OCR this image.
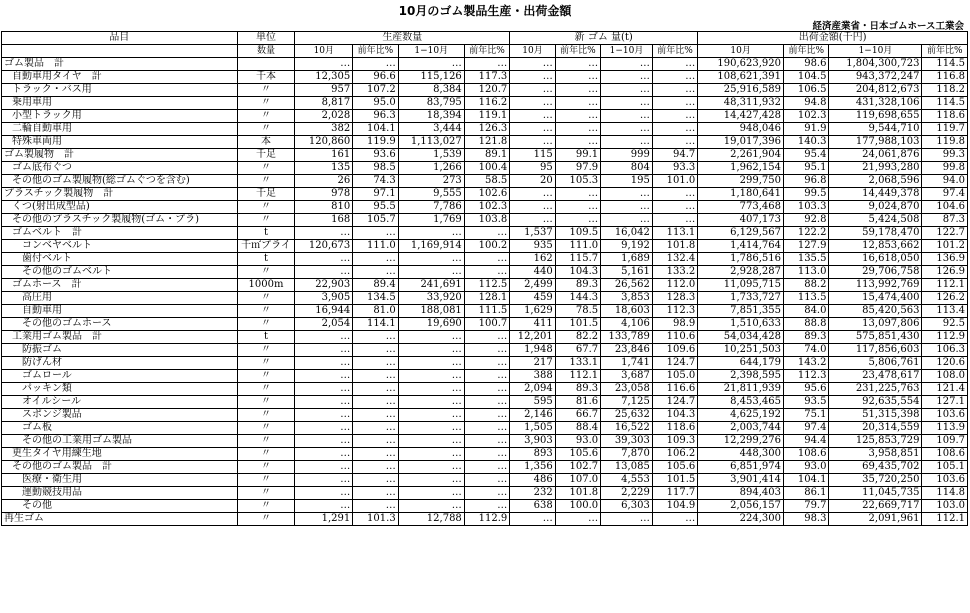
10月のゴム製品生産・出荷金額
経済産業省・日本ゴムホース工業会
品目	単位	生産数量				新 ゴム 量(t)				出荷金額(千円)			
	数量	10月	前年比%	1−10月	前年比%	10月	前年比%	1−10月	前年比%	10月	前年比%	1−10月	前年比%
ゴム製品　計		…	…	…	…	…	…	…	…	190,623,920	98.6	1,804,300,723	114.5
自動車用タイヤ　計	千本	12,305	96.6	115,126	117.3	…	…	…	…	108,621,391	104.5	943,372,247	116.8
トラック・バス用	〃	957	107.2	8,384	120.7	…	…	…	…	25,916,589	106.5	204,812,673	118.2
乗用車用	〃	8,817	95.0	83,795	116.2	…	…	…	…	48,311,932	94.8	431,328,106	114.5
小型トラック用	〃	2,028	96.3	18,394	119.1	…	…	…	…	14,427,428	102.3	119,698,655	118.6
二輪自動車用	〃	382	104.1	3,444	126.3	…	…	…	…	948,046	91.9	9,544,710	119.7
特殊車両用	本	120,860	119.9	1,113,027	121.8	…	…	…	…	19,017,396	140.3	177,988,103	119.8
ゴム製履物　計	千足	161	93.6	1,539	89.1	115	99.1	999	94.7	2,261,904	95.4	24,061,876	99.3
ゴム底布ぐつ	〃	135	98.5	1,266	100.4	95	97.9	804	93.3	1,962,154	95.1	21,993,280	99.8
その他のゴム製履物(総ゴムぐつを含む)	〃	26	74.3	273	58.5	20	105.3	195	101.0	299,750	96.8	2,068,596	94.0
プラスチック製履物　計	千足	978	97.1	9,555	102.6	…	…	…	…	1,180,641	99.5	14,449,378	97.4
くつ(射出成型品)	〃	810	95.5	7,786	102.3	…	…	…	…	773,468	103.3	9,024,870	104.6
その他のプラスチック製履物(ゴム・プラ)	〃	168	105.7	1,769	103.8	…	…	…	…	407,173	92.8	5,424,508	87.3
ゴムベルト　計	t	…	…	…	…	1,537	109.5	16,042	113.1	6,129,567	122.2	59,178,470	122.7
コンベヤベルト	千㎡プライ	120,673	111.0	1,169,914	100.2	935	111.0	9,192	101.8	1,414,764	127.9	12,853,662	101.2
歯付ベルト	t	…	…	…	…	162	115.7	1,689	132.4	1,786,516	135.5	16,618,050	136.9
その他のゴムベルト	〃	…	…	…	…	440	104.3	5,161	133.2	2,928,287	113.0	29,706,758	126.9
ゴムホース　計	1000m	22,903	89.4	241,691	112.5	2,499	89.3	26,562	112.0	11,095,715	88.2	113,992,769	112.1
高圧用	〃	3,905	134.5	33,920	128.1	459	144.3	3,853	128.3	1,733,727	113.5	15,474,400	126.2
自動車用	〃	16,944	81.0	188,081	111.5	1,629	78.5	18,603	112.3	7,851,355	84.0	85,420,563	113.4
その他のゴムホース	〃	2,054	114.1	19,690	100.7	411	101.5	4,106	98.9	1,510,633	88.8	13,097,806	92.5
工業用ゴム製品　計	t	…	…	…	…	12,201	82.2	133,789	110.6	54,034,428	89.3	575,851,430	112.9
防振ゴム	〃	…	…	…	…	1,948	67.7	23,846	109.6	10,251,503	74.0	117,856,603	106.3
防げん材	〃	…	…	…	…	217	133.1	1,741	124.7	644,179	143.2	5,806,761	120.6
ゴムロール	〃	…	…	…	…	388	112.1	3,687	105.0	2,398,595	112.3	23,478,617	108.0
パッキン類	〃	…	…	…	…	2,094	89.3	23,058	116.6	21,811,939	95.6	231,225,763	121.4
オイルシール	〃	…	…	…	…	595	81.6	7,125	124.7	8,453,465	93.5	92,635,554	127.1
スポンジ製品	〃	…	…	…	…	2,146	66.7	25,632	104.3	4,625,192	75.1	51,315,398	103.6
ゴム板	〃	…	…	…	…	1,505	88.4	16,522	118.6	2,003,744	97.4	20,314,559	113.9
その他の工業用ゴム製品	〃	…	…	…	…	3,903	93.0	39,303	109.3	12,299,276	94.4	125,853,729	109.7
更生タイヤ用練生地	〃	…	…	…	…	893	105.6	7,870	106.2	448,300	108.6	3,958,851	108.6
その他のゴム製品　計	〃	…	…	…	…	1,356	102.7	13,085	105.6	6,851,974	93.0	69,435,702	105.1
医療・衛生用	〃	…	…	…	…	486	107.0	4,553	101.5	3,901,414	104.1	35,720,250	103.6
運動競技用品	〃	…	…	…	…	232	101.8	2,229	117.7	894,403	86.1	11,045,735	114.8
その他	〃	…	…	…	…	638	100.0	6,303	104.9	2,056,157	79.7	22,669,717	103.0
再生ゴム	〃	1,291	101.3	12,788	112.9	…	…	…	…	224,300	98.3	2,091,961	112.1
